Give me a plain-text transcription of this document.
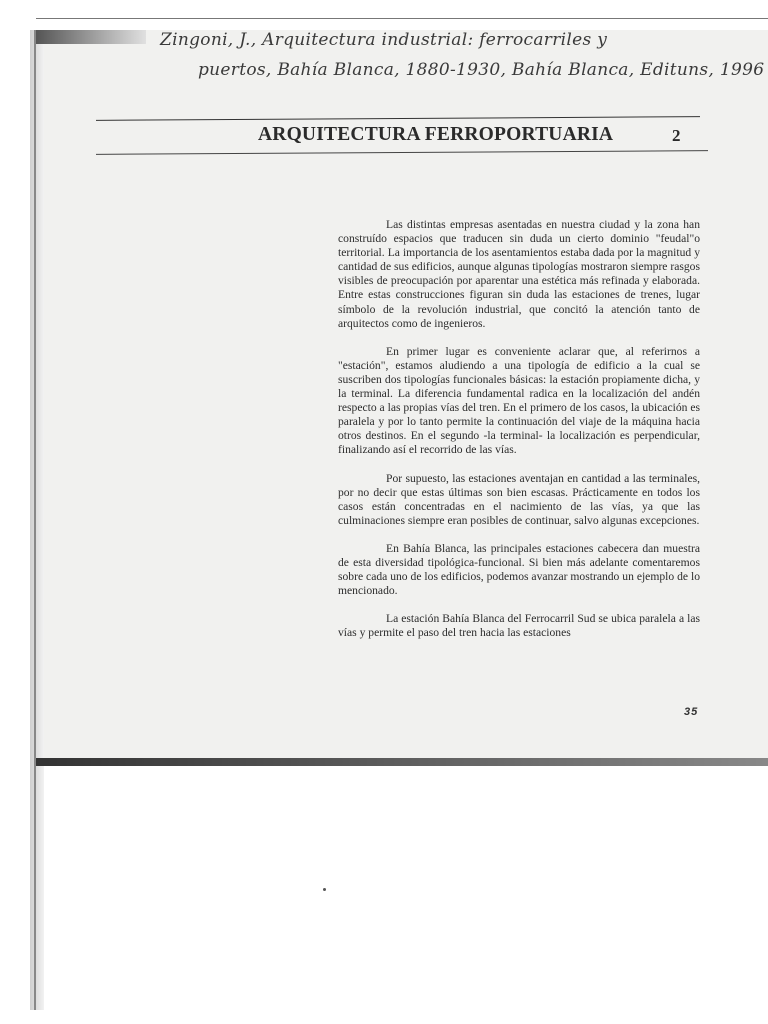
Zingoni, J., Arquitectura industrial: ferrocarriles y
puertos, Bahía Blanca, 1880-1930, Bahía Blanca, Edituns, 1996
ARQUITECTURA FERROPORTUARIA	2

Las distintas empresas asentadas en nuestra ciudad y la zona han construído espacios que traducen sin duda un cierto dominio "feudal"o territorial. La importancia de los asentamientos estaba dada por la magnitud y cantidad de sus edificios, aunque algunas tipologías mostraron siempre rasgos visibles de preocupación por aparentar una estética más refinada y elaborada. Entre estas construcciones figuran sin duda las estaciones de trenes, lugar símbolo de la revolución industrial, que concitó la atención tanto de arquitectos como de ingenieros.

En primer lugar es conveniente aclarar que, al referirnos a "estación", estamos aludiendo a una tipología de edificio a la cual se suscriben dos tipologías funcionales básicas: la estación propiamente dicha, y la terminal. La diferencia fundamental radica en la localización del andén respecto a las propias vías del tren. En el primero de los casos, la ubicación es paralela y por lo tanto permite la continuación del viaje de la máquina hacia otros destinos. En el segundo -la terminal- la localización es perpendicular, finalizando así el recorrido de las vías.

Por supuesto, las estaciones aventajan en cantidad a las terminales, por no decir que estas últimas son bien escasas. Prácticamente en todos los casos están concentradas en el nacimiento de las vías, ya que las culminaciones siempre eran posibles de continuar, salvo algunas excepciones.

En Bahía Blanca, las principales estaciones cabecera dan muestra de esta diversidad tipológica-funcional. Si bien más adelante comentaremos sobre cada uno de los edificios, podemos avanzar mostrando un ejemplo de lo mencionado.

La estación Bahía Blanca del Ferrocarril Sud se ubica paralela a las vías y permite el paso del tren hacia las estaciones

35
